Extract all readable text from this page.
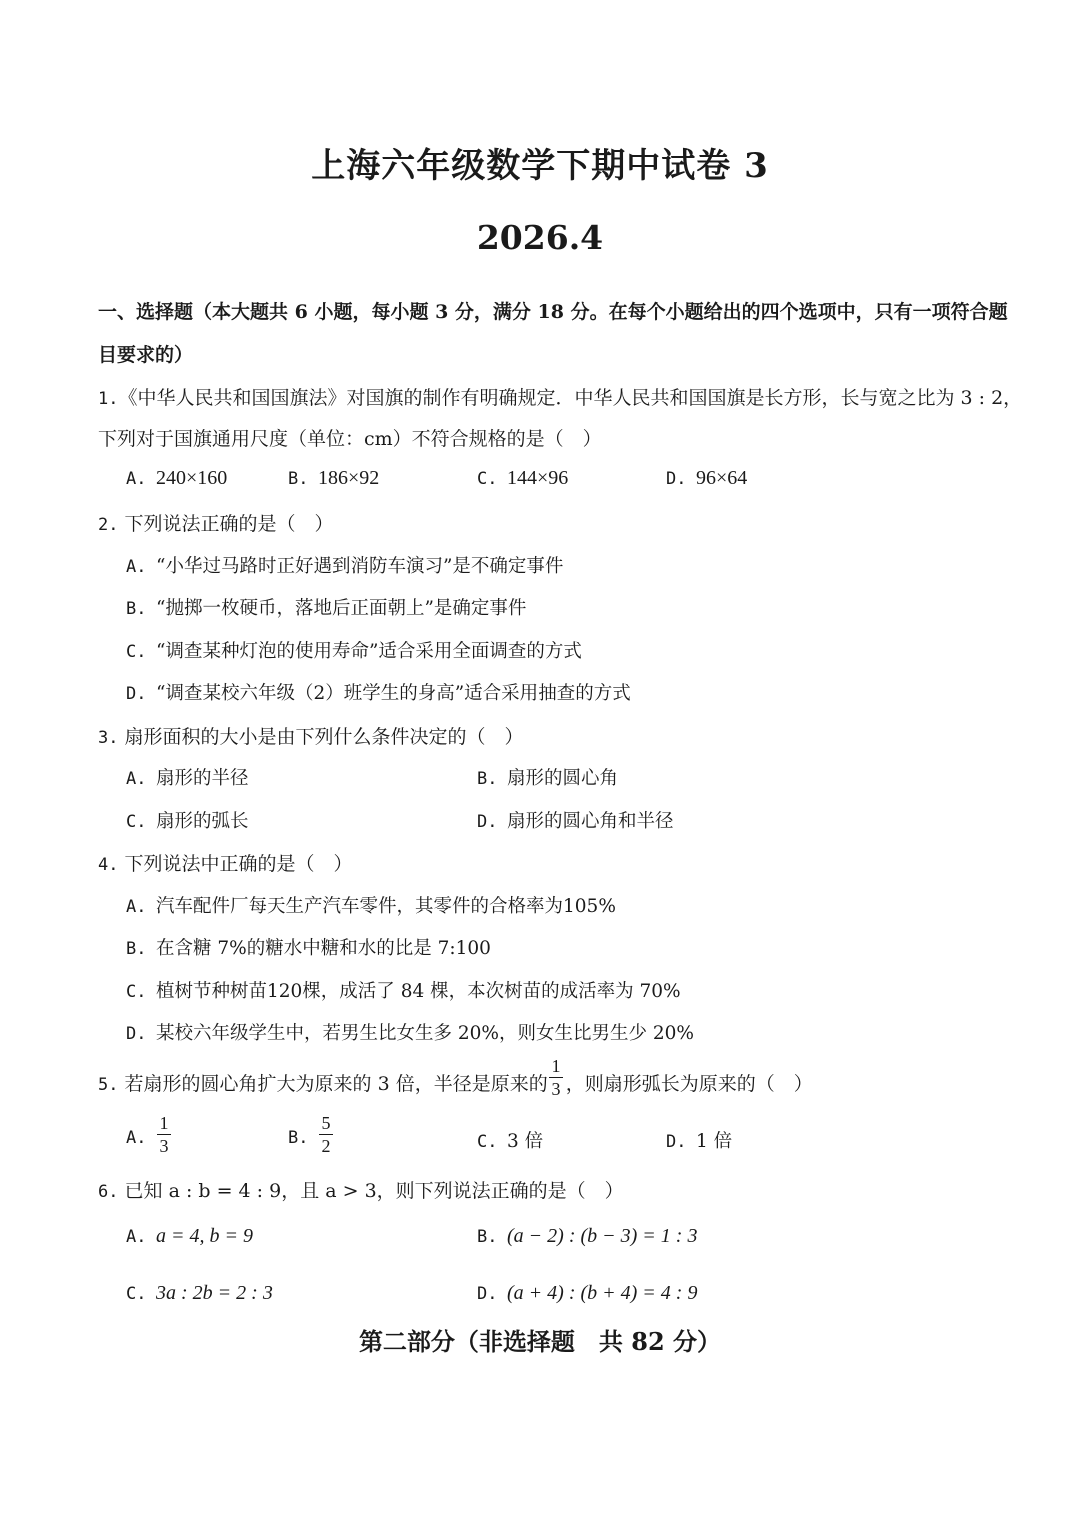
上海六年级数学下期中试卷 3
2026.4
一、选择题（本大题共 6 小题，每小题 3 分，满分 18 分。在每个小题给出的四个选项中，只有一项符合题
目要求的）
1.《中华人民共和国国旗法》对国旗的制作有明确规定．中华人民共和国国旗是长方形，长与宽之比为 3 : 2，
下列对于国旗通用尺度（单位：cm）不符合规格的是（　）
A. 240×160	B. 186×92	C. 144×96	D. 96×64
2. 下列说法正确的是（　）
A. “小华过马路时正好遇到消防车演习”是不确定事件
B. “抛掷一枚硬币，落地后正面朝上”是确定事件
C. “调查某种灯泡的使用寿命”适合采用全面调查的方式
D. “调查某校六年级（2）班学生的身高”适合采用抽查的方式
3. 扇形面积的大小是由下列什么条件决定的（　）
A. 扇形的半径	B. 扇形的圆心角
C. 扇形的弧长	D. 扇形的圆心角和半径
4. 下列说法中正确的是（　）
A. 汽车配件厂每天生产汽车零件，其零件的合格率为105%
B. 在含糖 7%的糖水中糖和水的比是 7:100
C. 植树节种树苗120棵，成活了 84 棵，本次树苗的成活率为 70%
D. 某校六年级学生中，若男生比女生多 20%，则女生比男生少 20%
5. 若扇形的圆心角扩大为原来的 3 倍，半径是原来的 ，则扇形弧长为原来的（　）
1
3
A.
1
3	B.
5
2	C. 3 倍	D. 1 倍
6. 已知 a : b = 4 : 9，且 a > 3，则下列说法正确的是（　）
A. a = 4, b = 9	B. (a − 2) : (b − 3) = 1 : 3
C. 3a : 2b = 2 : 3	D. (a + 4) : (b + 4) = 4 : 9
第二部分（非选择题　共 82 分）
